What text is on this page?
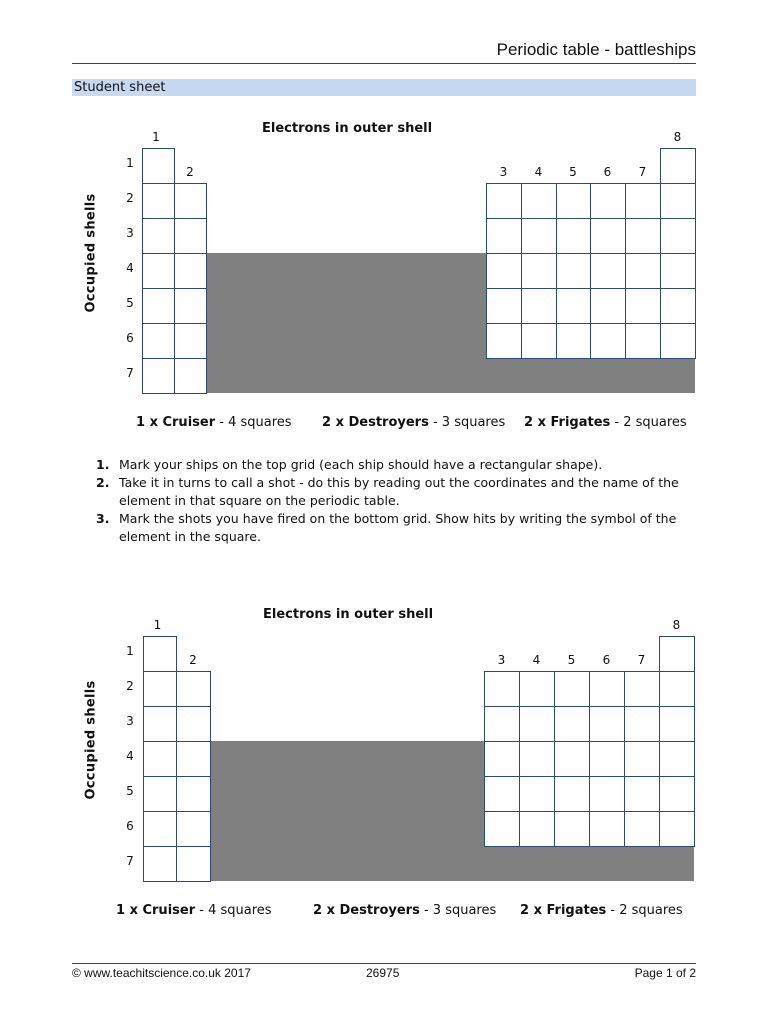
Periodic table - battleships
Student sheet
Electrons in outer shell
1
2	3	4	5	6	7
8
1
2
3
4
5
6
7
Occupied shells
1 x Cruiser - 4 squares 2 x Destroyers - 3 squares 2 x Frigates - 2 squares
Electrons in outer shell
1
2	3	4	5	6	7
8
1
2
3
4
5
6
7
Occupied shells
1 x Cruiser - 4 squares	2 x Destroyers - 3 squares 2 x Frigates - 2 squares
1. Mark your ships on the top grid (each ship should have a rectangular shape).
2. Take it in turns to call a shot - do this by reading out the coordinates and the name of the element in that square on the periodic table.
3. Mark the shots you have fired on the bottom grid. Show hits by writing the symbol of the element in the square.
© www.teachitscience.co.uk 2017	26975	Page 1 of 2
